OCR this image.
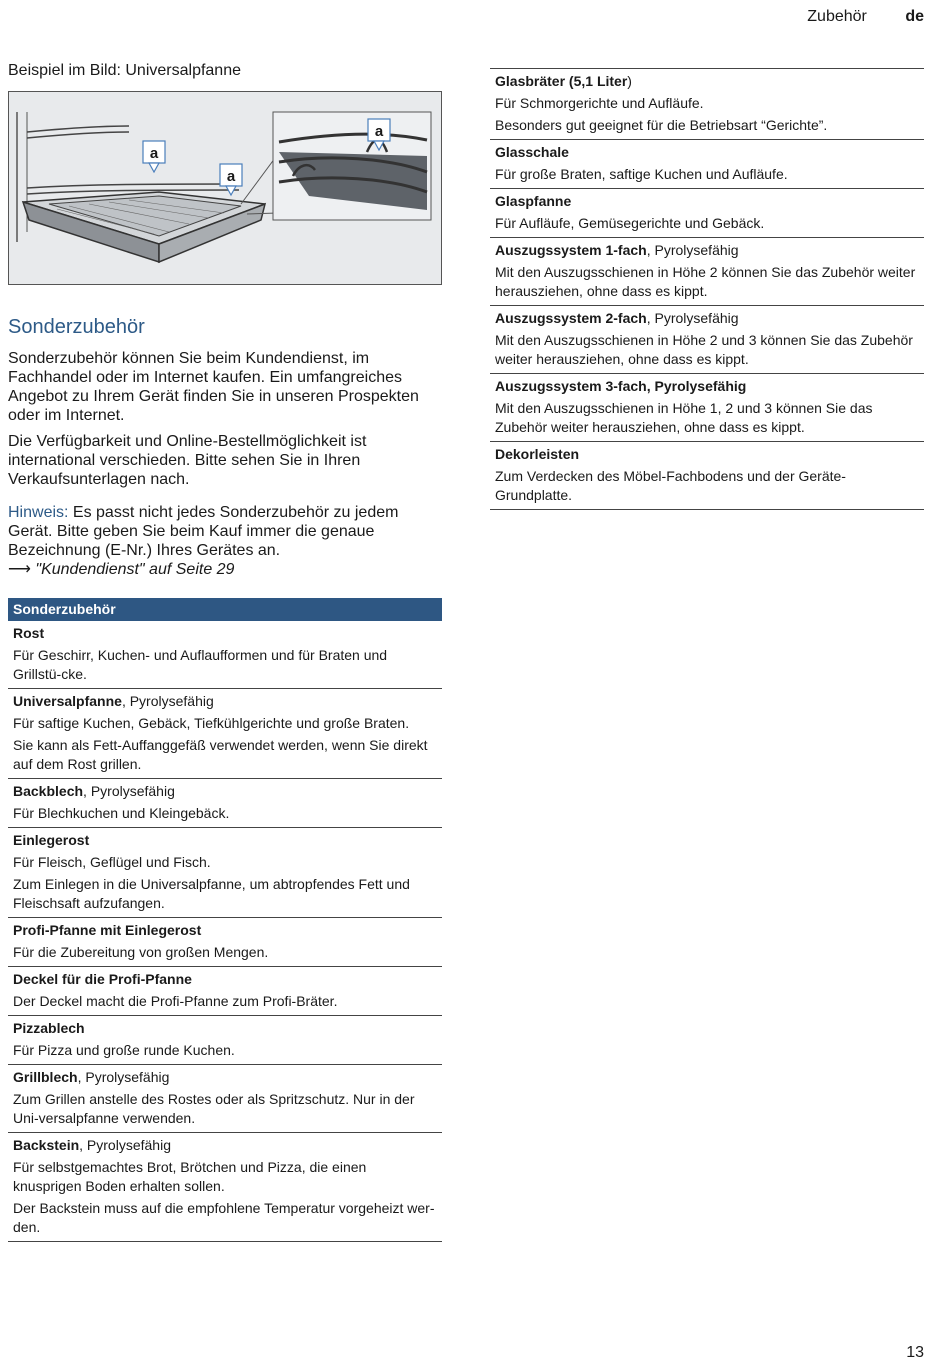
Zubehör de
Beispiel im Bild: Universalpfanne
a
a
a
Sonderzubehör

Sonderzubehör können Sie beim Kundendienst, im Fachhandel oder im Internet kaufen. Ein umfangreiches Angebot zu Ihrem Gerät finden Sie in unseren Prospekten oder im Internet.

Die Verfügbarkeit und Online-Bestellmöglichkeit ist international verschieden. Bitte sehen Sie in Ihren Verkaufsunterlagen nach.

Hinweis: Es passt nicht jedes Sonderzubehör zu jedem Gerät. Bitte geben Sie beim Kauf immer die genaue Bezeichnung (E-Nr.) Ihres Gerätes an.
⟶ "Kundendienst" auf Seite 29
Sonderzubehör
Rost
Für Geschirr, Kuchen- und Auflaufformen und für Braten und Grillstü-cke.
Universalpfanne, Pyrolysefähig
Für saftige Kuchen, Gebäck, Tiefkühlgerichte und große Braten.
Sie kann als Fett-Auffanggefäß verwendet werden, wenn Sie direkt auf dem Rost grillen.
Backblech, Pyrolysefähig
Für Blechkuchen und Kleingebäck.
Einlegerost
Für Fleisch, Geflügel und Fisch.
Zum Einlegen in die Universalpfanne, um abtropfendes Fett und Fleischsaft aufzufangen.
Profi-Pfanne mit Einlegerost
Für die Zubereitung von großen Mengen.
Deckel für die Profi-Pfanne
Der Deckel macht die Profi-Pfanne zum Profi-Bräter.
Pizzablech
Für Pizza und große runde Kuchen.
Grillblech, Pyrolysefähig
Zum Grillen anstelle des Rostes oder als Spritzschutz. Nur in der Uni-versalpfanne verwenden.
Backstein, Pyrolysefähig
Für selbstgemachtes Brot, Brötchen und Pizza, die einen knusprigen Boden erhalten sollen.
Der Backstein muss auf die empfohlene Temperatur vorgeheizt wer-den.
Glasbräter (5,1 Liter)
Für Schmorgerichte und Aufläufe.
Besonders gut geeignet für die Betriebsart “Gerichte”.
Glasschale
Für große Braten, saftige Kuchen und Aufläufe.
Glaspfanne
Für Aufläufe, Gemüsegerichte und Gebäck.
Auszugssystem 1-fach, Pyrolysefähig
Mit den Auszugsschienen in Höhe 2 können Sie das Zubehör weiter herausziehen, ohne dass es kippt.
Auszugssystem 2-fach, Pyrolysefähig
Mit den Auszugsschienen in Höhe 2 und 3 können Sie das Zubehör weiter herausziehen, ohne dass es kippt.
Auszugssystem 3-fach, Pyrolysefähig
Mit den Auszugsschienen in Höhe 1, 2 und 3 können Sie das Zubehör weiter herausziehen, ohne dass es kippt.
Dekorleisten
Zum Verdecken des Möbel-Fachbodens und der Geräte-Grundplatte.
13
